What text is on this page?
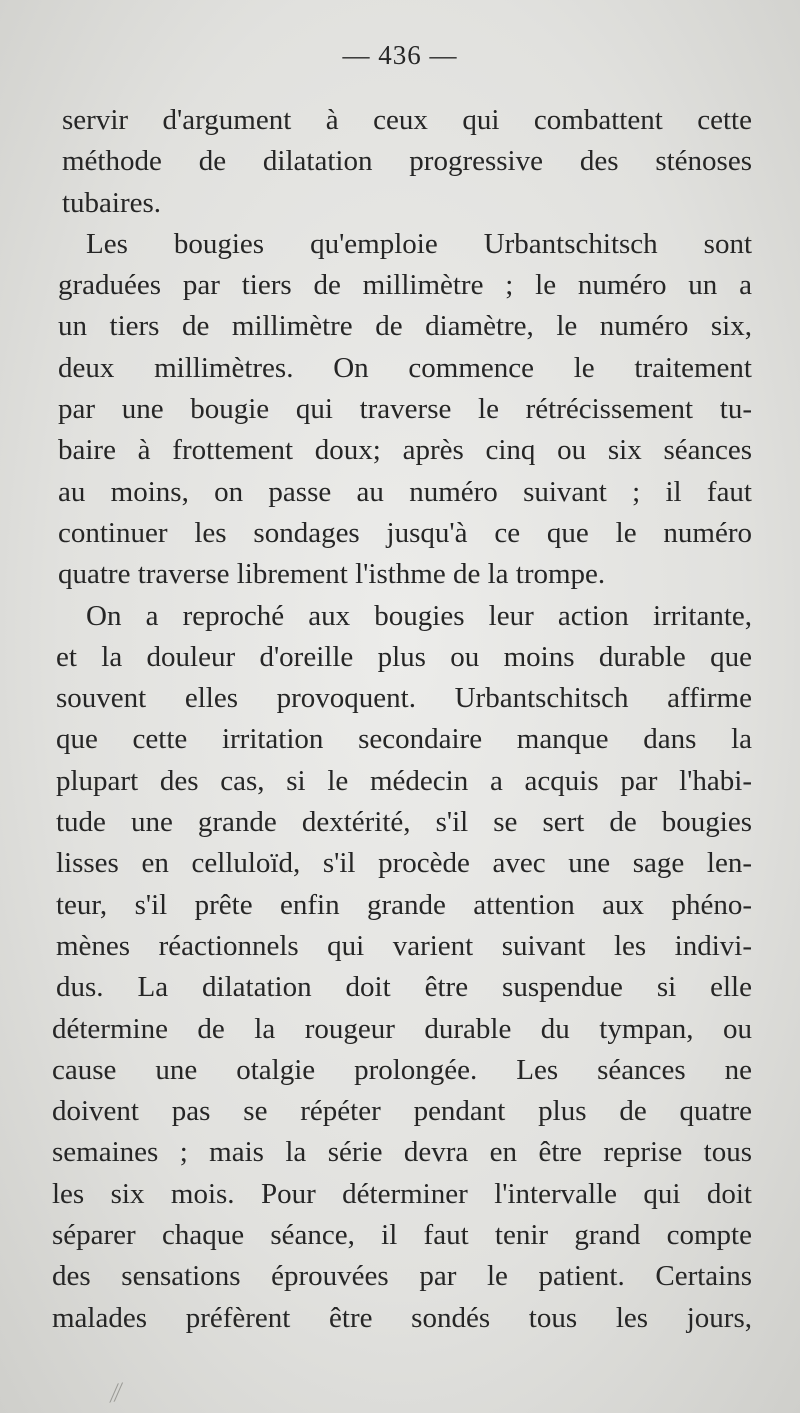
— 436 —
servir d'argument à ceux qui combattent cette
méthode de dilatation progressive des sténoses
tubaires.
Les bougies qu'emploie Urbantschitsch sont
graduées par tiers de millimètre ; le numéro un a
un tiers de millimètre de diamètre, le numéro six,
deux millimètres. On commence le traitement
par une bougie qui traverse le rétrécissement tu-
baire à frottement doux; après cinq ou six séances
au moins, on passe au numéro suivant ; il faut
continuer les sondages jusqu'à ce que le numéro
quatre traverse librement l'isthme de la trompe.
On a reproché aux bougies leur action irritante,
et la douleur d'oreille plus ou moins durable que
souvent elles provoquent. Urbantschitsch affirme
que cette irritation secondaire manque dans la
plupart des cas, si le médecin a acquis par l'habi-
tude une grande dextérité, s'il se sert de bougies
lisses en celluloïd, s'il procède avec une sage len-
teur, s'il prête enfin grande attention aux phéno-
mènes réactionnels qui varient suivant les indivi-
dus. La dilatation doit être suspendue si elle
détermine de la rougeur durable du tympan, ou
cause une otalgie prolongée. Les séances ne
doivent pas se répéter pendant plus de quatre
semaines ; mais la série devra en être reprise tous
les six mois. Pour déterminer l'intervalle qui doit
séparer chaque séance, il faut tenir grand compte
des sensations éprouvées par le patient. Certains
malades préfèrent être sondés tous les jours,
⁄⁄
